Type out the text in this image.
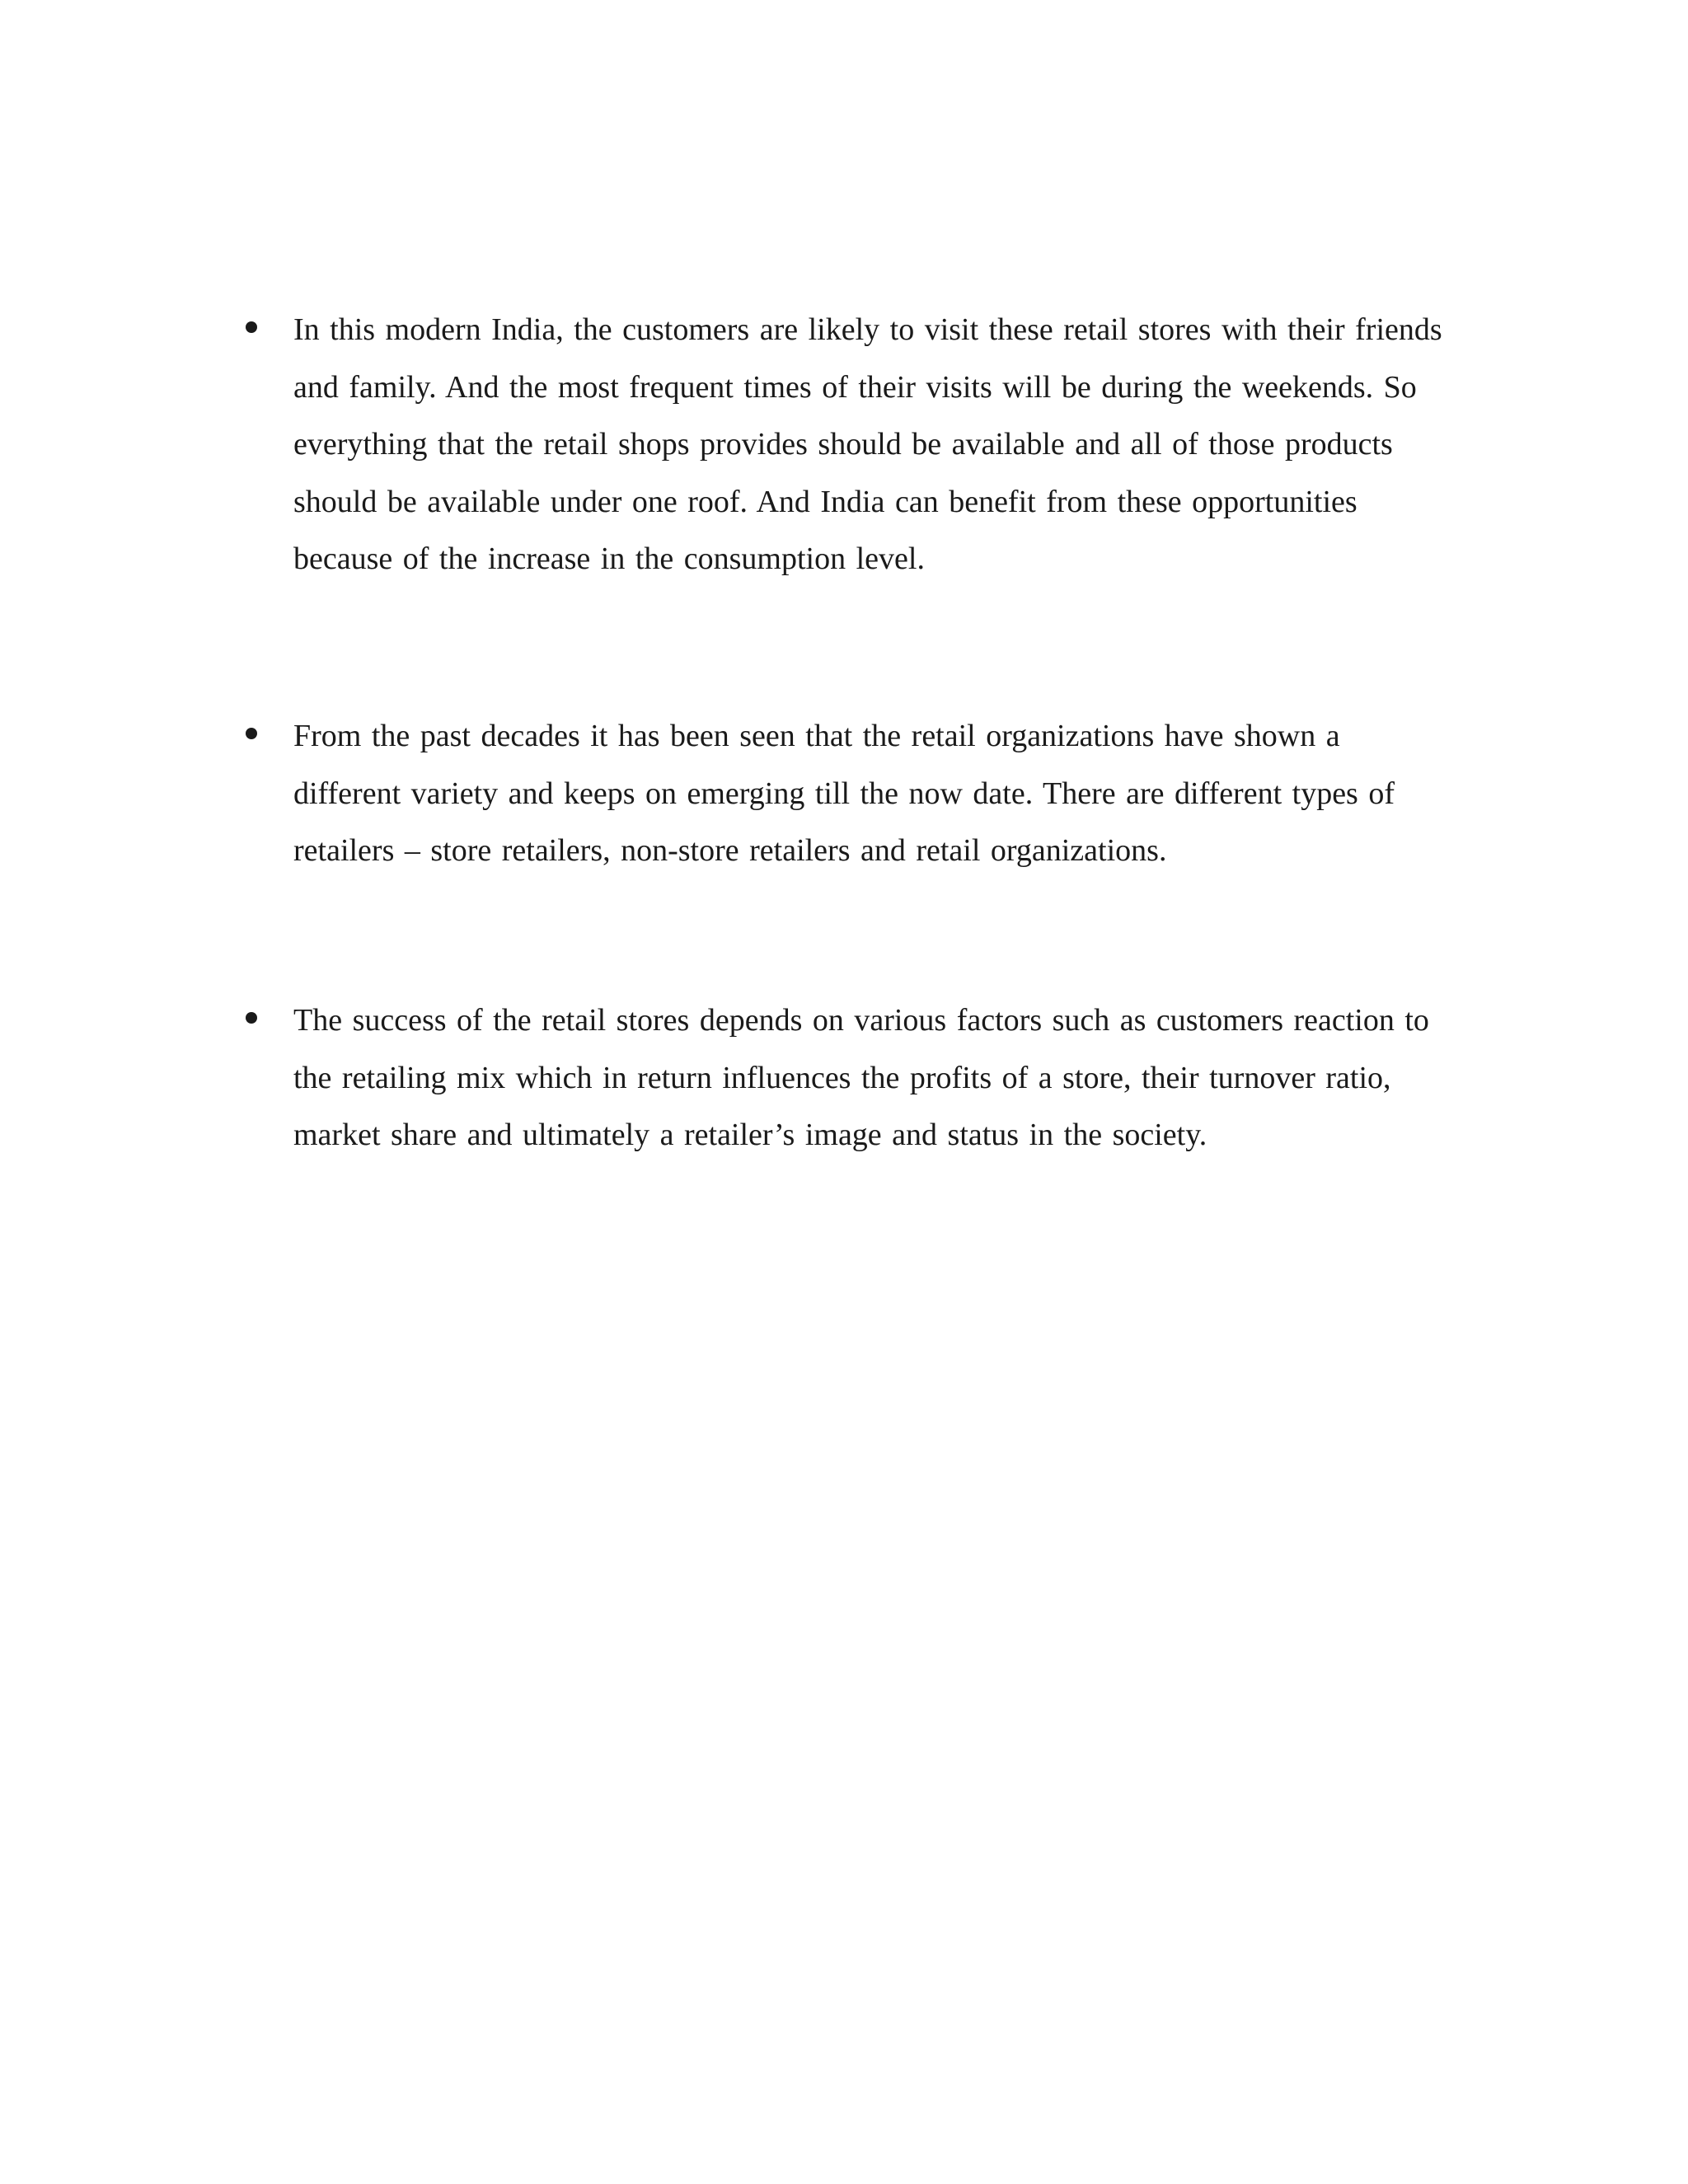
In this modern India, the customers are likely to visit these retail stores with their friends
and family. And the most frequent times of their visits will be during the weekends. So
everything that the retail shops provides should be available and all of those products
should be available under one roof. And India can benefit from these opportunities
because of the increase in the consumption level.

From the past decades it has been seen that the retail organizations have shown a
different variety and keeps on emerging till the now date. There are different types of
retailers – store retailers, non-store retailers and retail organizations.

The success of the retail stores depends on various factors such as customers reaction to
the retailing mix which in return influences the profits of a store, their turnover ratio,
market share and ultimately a retailer’s image and status in the society.
